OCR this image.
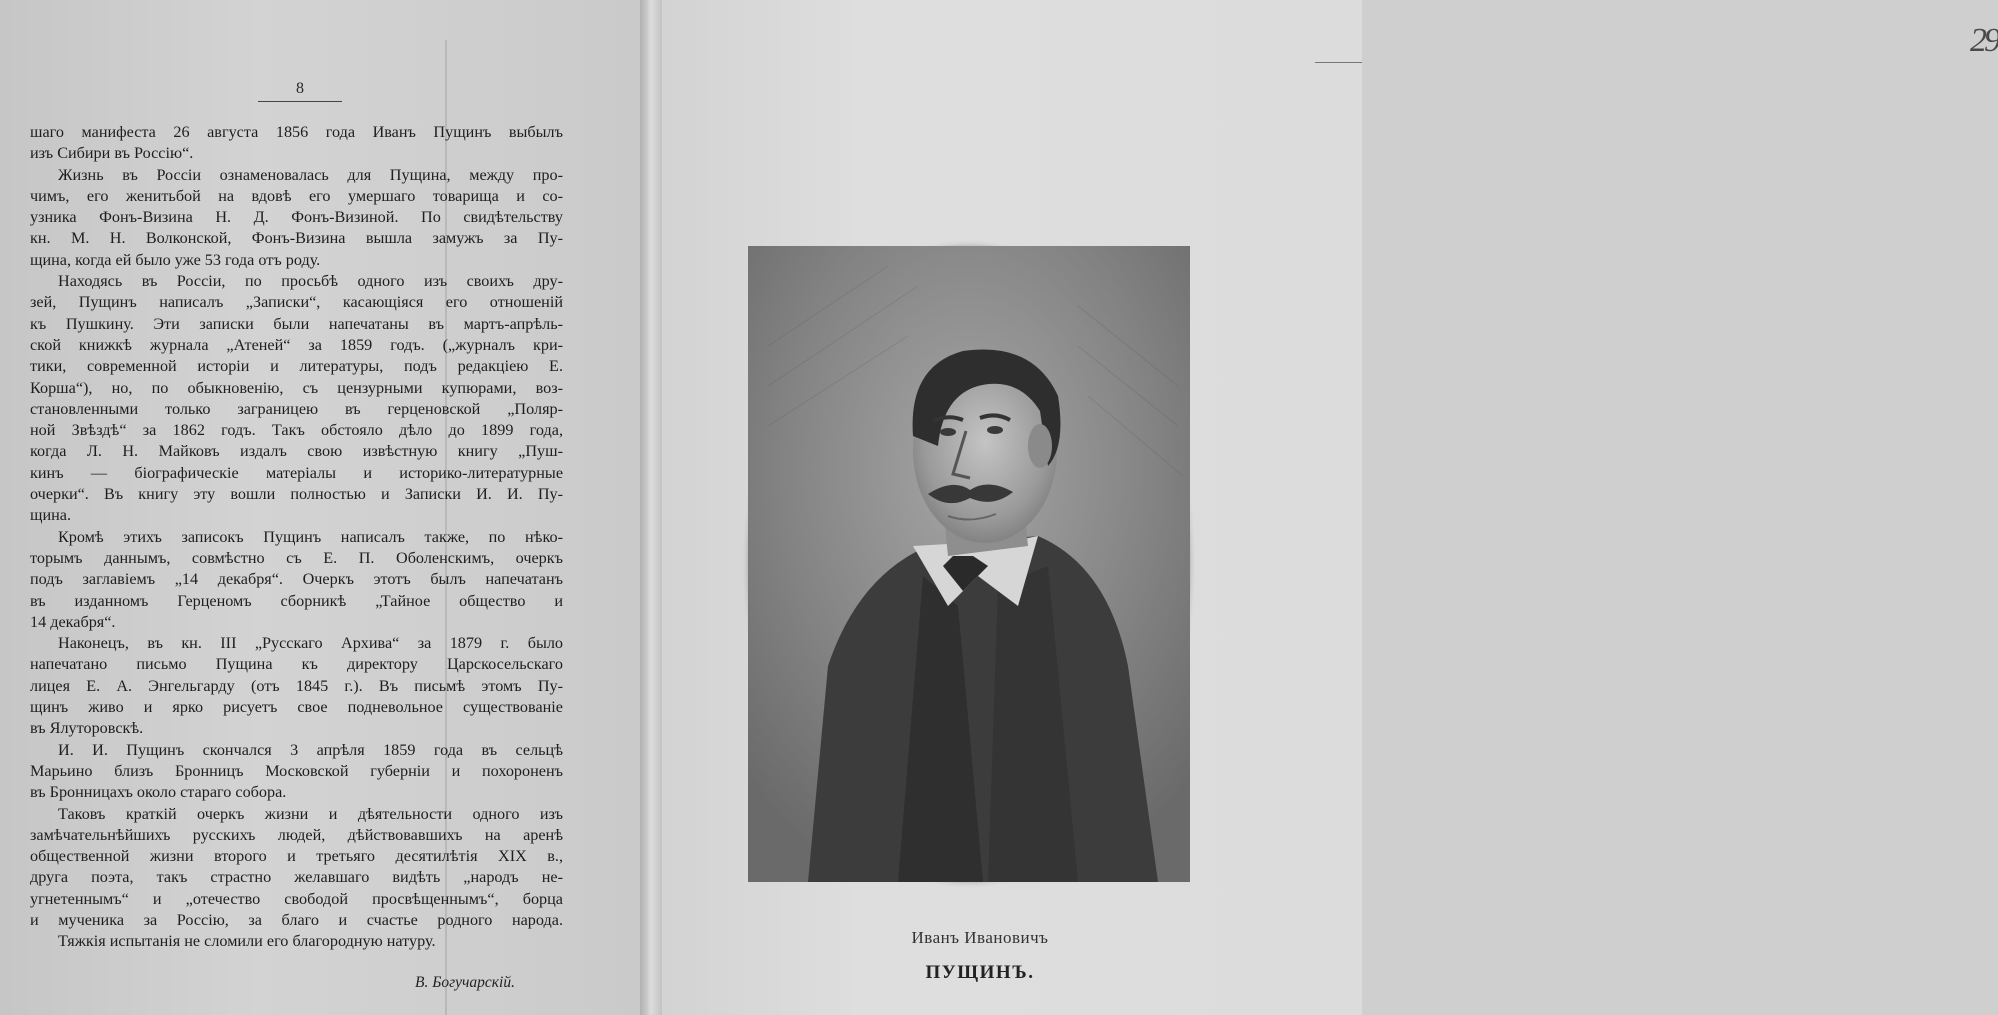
8
шаго манифеста 26 августа 1856 года Иванъ Пущинъ выбылъ
изъ Сибири въ Россію“.
Жизнь въ Россіи ознаменовалась для Пущина, между про-
чимъ, его женитьбой на вдовѣ его умершаго товарища и со-
узника Фонъ-Визина Н. Д. Фонъ-Визиной. По свидѣтельству
кн. М. Н. Волконской, Фонъ-Визина вышла замужъ за Пу-
щина, когда ей было уже 53 года отъ роду.
Находясь въ Россіи, по просьбѣ одного изъ своихъ дру-
зей, Пущинъ написалъ „Записки“, касающіяся его отношеній
къ Пушкину. Эти записки были напечатаны въ мартъ-апрѣль-
ской книжкѣ журнала „Атеней“ за 1859 годъ. („журналъ кри-
тики, современной исторіи и литературы, подъ редакціею Е.
Корша“), но, по обыкновенію, съ цензурными купюрами, воз-
становленными только заграницею въ герценовской „Поляр-
ной Звѣздѣ“ за 1862 годъ. Такъ обстояло дѣло до 1899 года,
когда Л. Н. Майковъ издалъ свою извѣстную книгу „Пуш-
кинъ — біографическіе матеріалы и историко-литературные
очерки“. Въ книгу эту вошли полностью и Записки И. И. Пу-
щина.
Кромѣ этихъ записокъ Пущинъ написалъ также, по нѣко-
торымъ даннымъ, совмѣстно съ Е. П. Оболенскимъ, очеркъ
подъ заглавіемъ „14 декабря“. Очеркъ этотъ былъ напечатанъ
въ изданномъ Герценомъ сборникѣ „Тайное общество и
14 декабря“.
Наконецъ, въ кн. III „Русскаго Архива“ за 1879 г. было
напечатано письмо Пущина къ директору Царскосельскаго
лицея Е. А. Энгельгарду (отъ 1845 г.). Въ письмѣ этомъ Пу-
щинъ живо и ярко рисуетъ свое подневольное существованіе
въ Ялуторовскѣ.
И. И. Пущинъ скончался 3 апрѣля 1859 года въ сельцѣ
Марьино близъ Бронницъ Московской губерніи и похороненъ
въ Бронницахъ около стараго собора.
Таковъ краткій очеркъ жизни и дѣятельности одного изъ
замѣчательнѣйшихъ русскихъ людей, дѣйствовавшихъ на аренѣ
общественной жизни второго и третьяго десятилѣтія XIX в.,
друга поэта, такъ страстно желавшаго видѣть „народъ не-
угнетеннымъ“ и „отечество свободой просвѣщеннымъ“, борца
и мученика за Россію, за благо и счастье родного народа.
Тяжкія испытанія не сломили его благородную натуру.
В. Богучарскій.
29
Иванъ Ивановичъ
ПУЩИНЪ.
